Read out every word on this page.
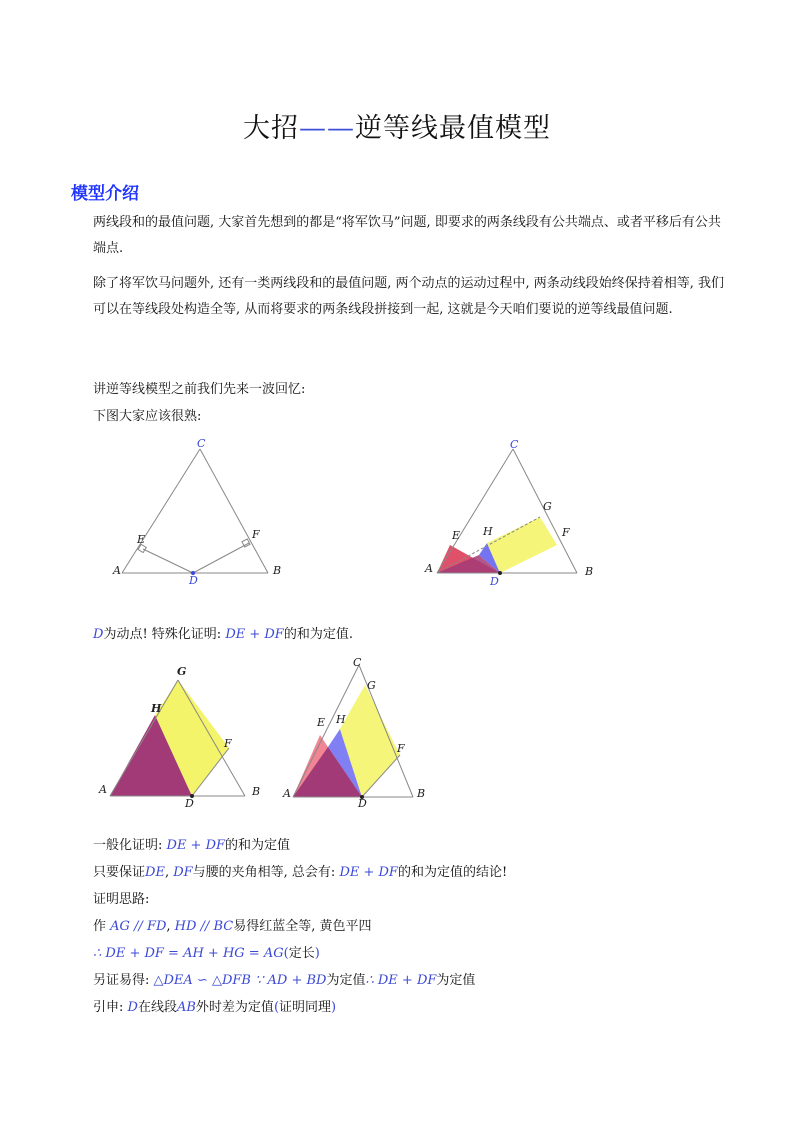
大招——逆等线最值模型
模型介绍
两线段和的最值问题, 大家首先想到的都是“将军饮马”问题, 即要求的两条线段有公共端点、或者平移后有公共端点.
除了将军饮马问题外, 还有一类两线段和的最值问题, 两个动点的运动过程中, 两条动线段始终保持着相等, 我们可以在等线段处构造全等, 从而将要求的两条线段拼接到一起, 这就是今天咱们要说的逆等线最值问题.
讲逆等线模型之前我们先来一波回忆:
下图大家应该很熟:
C
E	F
A
D
B
C
G
E H	F
A
D
B
D为动点! 特殊化证明: DE + DF的和为定值.
G
H
F
A
D
B
C
G
E H
F
A
D
B
一般化证明: DE + DF的和为定值
只要保证DE, DF与腰的夹角相等, 总会有: DE + DF的和为定值的结论!
证明思路:
作 AG // FD, HD // BC易得红蓝全等, 黄色平四
∴ DE + DF = AH + HG = AG(定长)
另证易得: △DEA ∽ △DFB ∵ AD + BD为定值∴ DE + DF为定值
引申: D在线段AB外时差为定值(证明同理)
